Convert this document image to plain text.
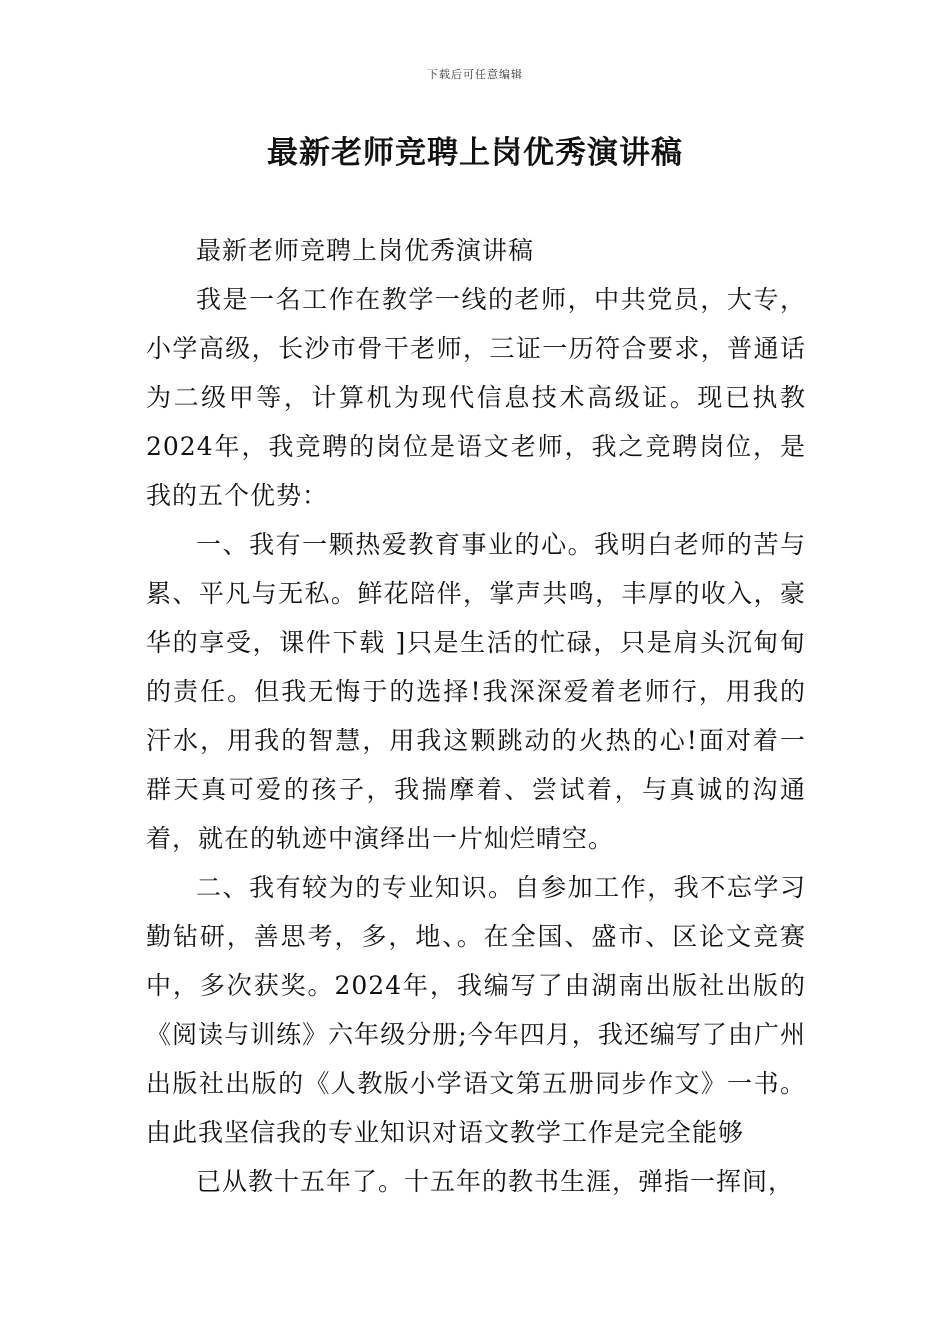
下载后可任意编辑
最新老师竞聘上岗优秀演讲稿

最新老师竞聘上岗优秀演讲稿

我是一名工作在教学一线的老师，中共党员，大专，小学高级，长沙市骨干老师，三证一历符合要求，普通话为二级甲等，计算机为现代信息技术高级证。现已执教2024年，我竞聘的岗位是语文老师，我之竞聘岗位，是我的五个优势：

一、我有一颗热爱教育事业的心。我明白老师的苦与累、平凡与无私。鲜花陪伴，掌声共鸣，丰厚的收入，豪华的享受，课件下载 ]只是生活的忙碌，只是肩头沉甸甸的责任。但我无悔于的选择!我深深爱着老师行，用我的汗水，用我的智慧，用我这颗跳动的火热的心!面对着一群天真可爱的孩子，我揣摩着、尝试着，与真诚的沟通着，就在的轨迹中演绎出一片灿烂晴空。

二、我有较为的专业知识。自参加工作，我不忘学习勤钻研，善思考，多，地、。在全国、盛市、区论文竞赛中，多次获奖。2024年，我编写了由湖南出版社出版的《阅读与训练》六年级分册;今年四月，我还编写了由广州出版社出版的《人教版小学语文第五册同步作文》一书。由此我坚信我的专业知识对语文教学工作是完全能够

已从教十五年了。十五年的教书生涯，弹指一挥间，
